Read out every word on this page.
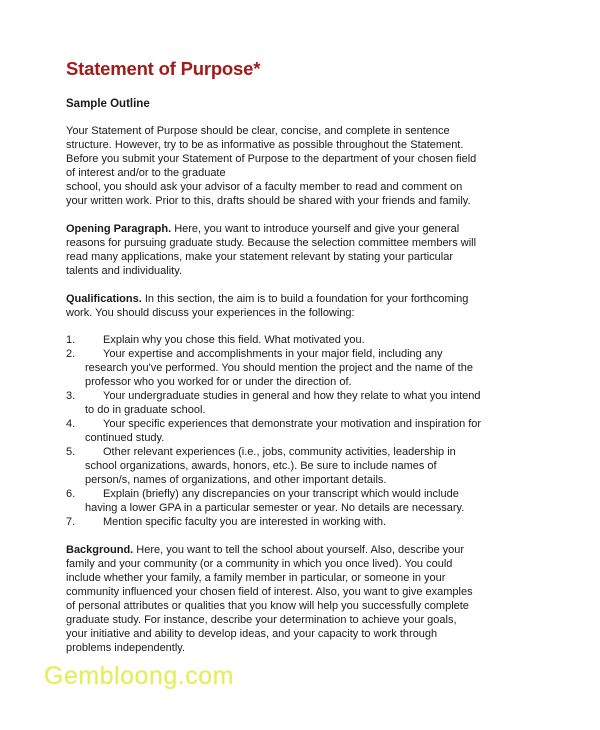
Statement of Purpose*
Sample Outline

Your Statement of Purpose should be clear, concise, and complete in sentence
structure. However, try to be as informative as possible throughout the Statement.
Before you submit your Statement of Purpose to the department of your chosen field
of interest and/or to the graduate
school, you should ask your advisor of a faculty member to read and comment on
your written work. Prior to this, drafts should be shared with your friends and family.

Opening Paragraph. Here, you want to introduce yourself and give your general
reasons for pursuing graduate study. Because the selection committee members will
read many applications, make your statement relevant by stating your particular
talents and individuality.

Qualifications. In this section, the aim is to build a foundation for your forthcoming
work. You should discuss your experiences in the following:

1.	Explain why you chose this field. What motivated you.
2.	Your expertise and accomplishments in your major field, including any
research you've performed. You should mention the project and the name of the
professor who you worked for or under the direction of.
3.	Your undergraduate studies in general and how they relate to what you intend
to do in graduate school.
4.	Your specific experiences that demonstrate your motivation and inspiration for
continued study.
5.	Other relevant experiences (i.e., jobs, community activities, leadership in
school organizations, awards, honors, etc.). Be sure to include names of
person/s, names of organizations, and other important details.
6.	Explain (briefly) any discrepancies on your transcript which would include
having a lower GPA in a particular semester or year. No details are necessary.
7.	Mention specific faculty you are interested in working with.

Background. Here, you want to tell the school about yourself. Also, describe your
family and your community (or a community in which you once lived). You could
include whether your family, a family member in particular, or someone in your
community influenced your chosen field of interest. Also, you want to give examples
of personal attributes or qualities that you know will help you successfully complete
graduate study. For instance, describe your determination to achieve your goals,
your initiative and ability to develop ideas, and your capacity to work through
problems independently.

Gembloong.com
